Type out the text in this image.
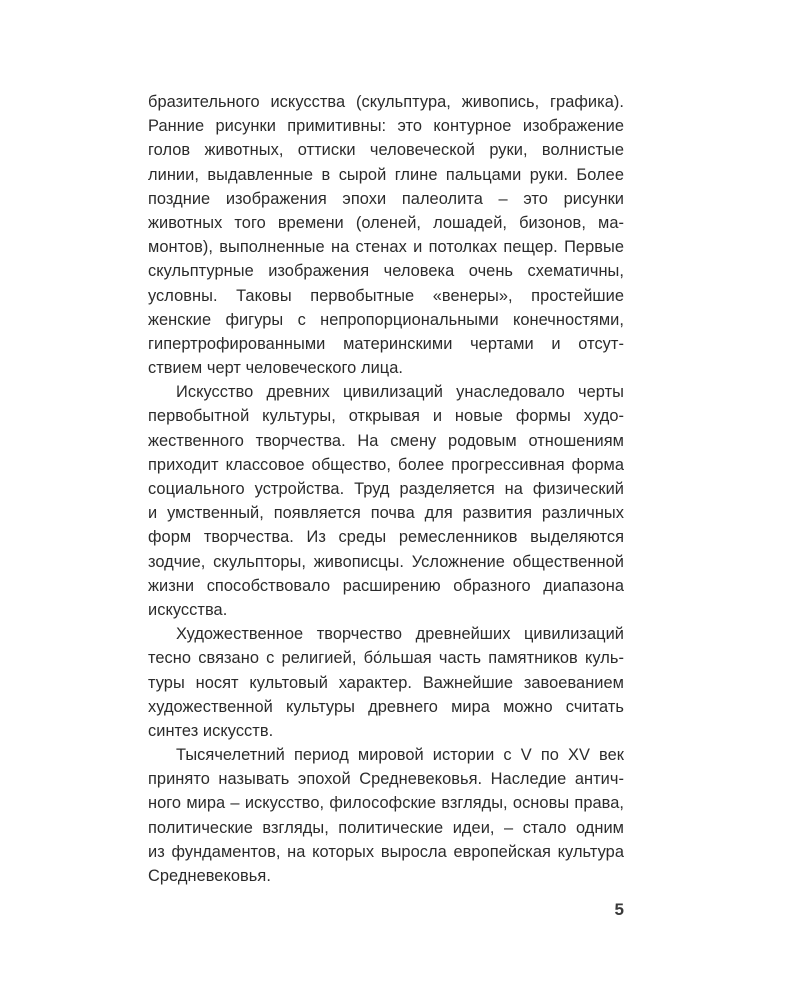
бразительного искусства (скульптура, живопись, графика).
Ранние рисунки примитивны: это контурное изображение
голов животных, оттиски человеческой руки, волнистые
линии, выдавленные в сырой глине пальцами руки. Более
поздние изображения эпохи палеолита – это рисунки
животных того времени (оленей, лошадей, бизонов, ма-
монтов), выполненные на стенах и потолках пещер. Первые
скульптурные изображения человека очень схематичны,
условны. Таковы первобытные «венеры», простейшие
женские фигуры с непропорциональными конечностями,
гипертрофированными материнскими чертами и отсут-
ствием черт человеческого лица.
Искусство древних цивилизаций унаследовало черты
первобытной культуры, открывая и новые формы худо-
жественного творчества. На смену родовым отношениям
приходит классовое общество, более прогрессивная форма
социального устройства. Труд разделяется на физический
и умственный, появляется почва для развития различных
форм творчества. Из среды ремесленников выделяются
зодчие, скульпторы, живописцы. Усложнение общественной
жизни способствовало расширению образного диапазона
искусства.
Художественное творчество древнейших цивилизаций
тесно связано с религией, бо́льшая часть памятников куль-
туры носят культовый характер. Важнейшие завоеванием
художественной культуры древнего мира можно считать
синтез искусств.
Тысячелетний период мировой истории с V по XV век
принято называть эпохой Средневековья. Наследие антич-
ного мира – искусство, философские взгляды, основы права,
политические взгляды, политические идеи, – стало одним
из фундаментов, на которых выросла европейская культура
Средневековья.
5
